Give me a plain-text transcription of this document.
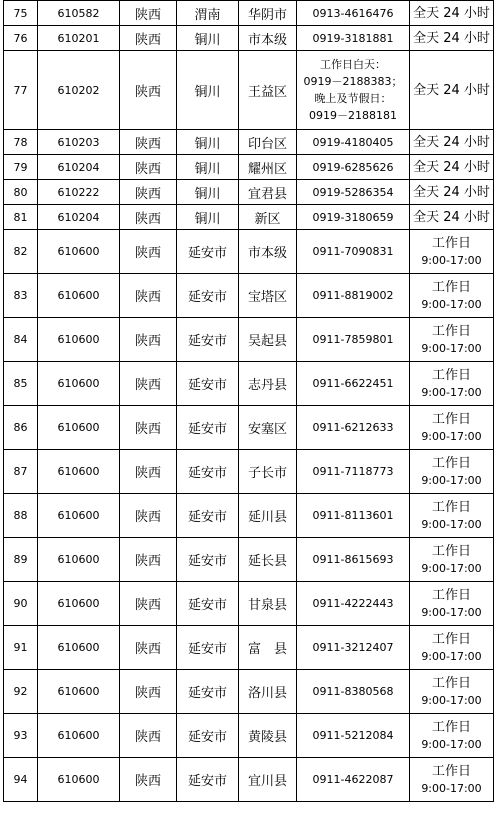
75	610582	陕西	渭南	华阴市	0913-4616476	全天 24 小时

76	610201	陕西	铜川	市本级	0919-3181881	全天 24 小时

77	610202	陕西	铜川	王益区	工作日白天：
0919－2188383；
晚上及节假日：
0919－2188181	全天 24 小时

78	610203	陕西	铜川	印台区	0919-4180405	全天 24 小时

79	610204	陕西	铜川	耀州区	0919-6285626	全天 24 小时

80	610222	陕西	铜川	宜君县	0919-5286354	全天 24 小时

81	610204	陕西	铜川	新区	0919-3180659	全天 24 小时

82	610600	陕西	延安市	市本级	0911-7090831	工作日
9:00-17:00

83	610600	陕西	延安市	宝塔区	0911-8819002	工作日
9:00-17:00

84	610600	陕西	延安市	吴起县	0911-7859801	工作日
9:00-17:00

85	610600	陕西	延安市	志丹县	0911-6622451	工作日
9:00-17:00

86	610600	陕西	延安市	安塞区	0911-6212633	工作日
9:00-17:00

87	610600	陕西	延安市	子长市	0911-7118773	工作日
9:00-17:00

88	610600	陕西	延安市	延川县	0911-8113601	工作日
9:00-17:00

89	610600	陕西	延安市	延长县	0911-8615693	工作日
9:00-17:00

90	610600	陕西	延安市	甘泉县	0911-4222443	工作日
9:00-17:00

91	610600	陕西	延安市	富　县	0911-3212407	工作日
9:00-17:00

92	610600	陕西	延安市	洛川县	0911-8380568	工作日
9:00-17:00

93	610600	陕西	延安市	黄陵县	0911-5212084	工作日
9:00-17:00

94	610600	陕西	延安市	宜川县	0911-4622087	工作日
9:00-17:00
